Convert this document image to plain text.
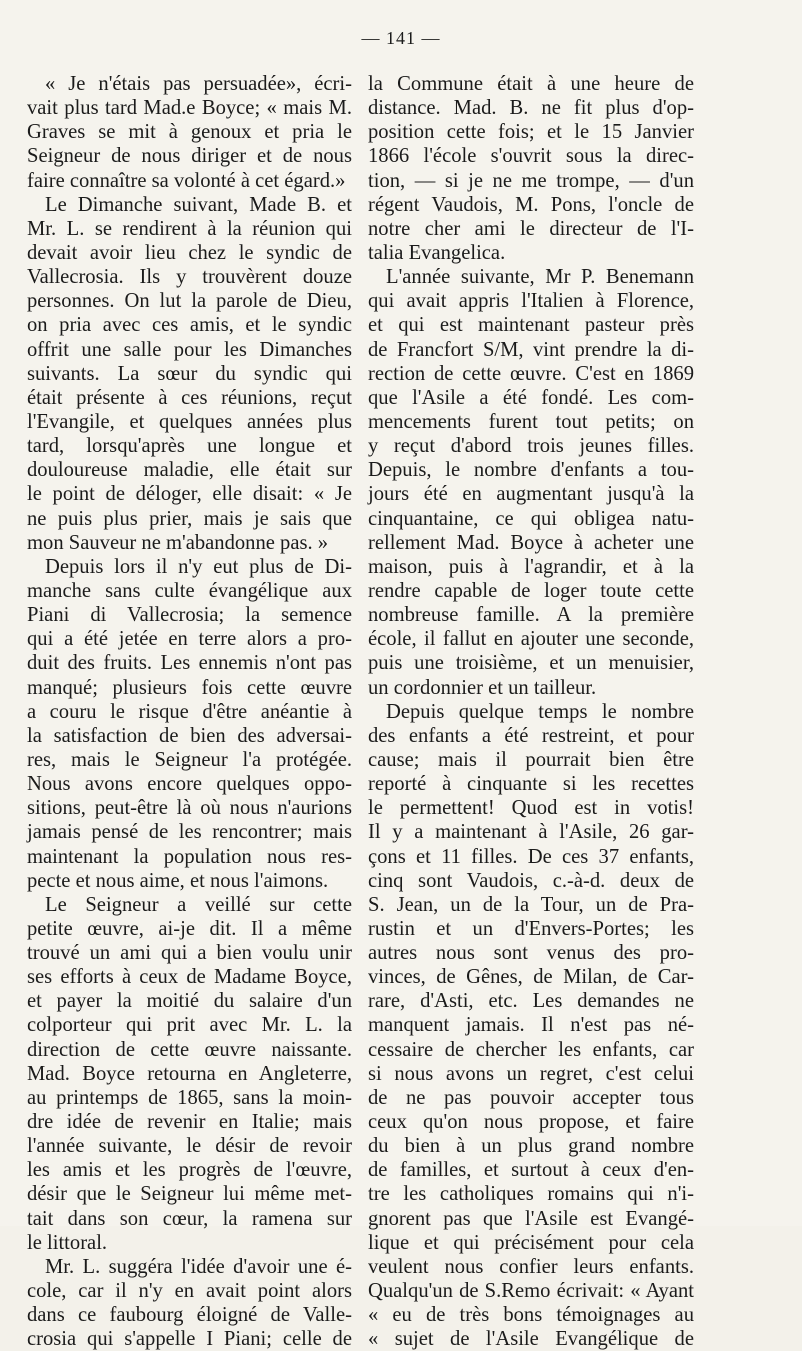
— 141 —
« Je n'étais pas persuadée», écri-
vait plus tard Mad.e Boyce; « mais M.
Graves se mit à genoux et pria le
Seigneur de nous diriger et de nous
faire connaître sa volonté à cet égard.»
Le Dimanche suivant, Made B. et
Mr. L. se rendirent à la réunion qui
devait avoir lieu chez le syndic de
Vallecrosia. Ils y trouvèrent douze
personnes. On lut la parole de Dieu,
on pria avec ces amis, et le syndic
offrit une salle pour les Dimanches
suivants. La sœur du syndic qui
était présente à ces réunions, reçut
l'Evangile, et quelques années plus
tard, lorsqu'après une longue et
douloureuse maladie, elle était sur
le point de déloger, elle disait: « Je
ne puis plus prier, mais je sais que
mon Sauveur ne m'abandonne pas. »
Depuis lors il n'y eut plus de Di-
manche sans culte évangélique aux
Piani di Vallecrosia; la semence
qui a été jetée en terre alors a pro-
duit des fruits. Les ennemis n'ont pas
manqué; plusieurs fois cette œuvre
a couru le risque d'être anéantie à
la satisfaction de bien des adversai-
res, mais le Seigneur l'a protégée.
Nous avons encore quelques oppo-
sitions, peut-être là où nous n'aurions
jamais pensé de les rencontrer; mais
maintenant la population nous res-
pecte et nous aime, et nous l'aimons.
Le Seigneur a veillé sur cette
petite œuvre, ai-je dit. Il a même
trouvé un ami qui a bien voulu unir
ses efforts à ceux de Madame Boyce,
et payer la moitié du salaire d'un
colporteur qui prit avec Mr. L. la
direction de cette œuvre naissante.
Mad. Boyce retourna en Angleterre,
au printemps de 1865, sans la moin-
dre idée de revenir en Italie; mais
l'année suivante, le désir de revoir
les amis et les progrès de l'œuvre,
désir que le Seigneur lui même met-
tait dans son cœur, la ramena sur
le littoral.
Mr. L. suggéra l'idée d'avoir une é-
cole, car il n'y en avait point alors
dans ce faubourg éloigné de Valle-
crosia qui s'appelle I Piani; celle de
la Commune était à une heure de
distance. Mad. B. ne fit plus d'op-
position cette fois; et le 15 Janvier
1866 l'école s'ouvrit sous la direc-
tion, — si je ne me trompe, — d'un
régent Vaudois, M. Pons, l'oncle de
notre cher ami le directeur de l'I-
talia Evangelica.
L'année suivante, Mr P. Benemann
qui avait appris l'Italien à Florence,
et qui est maintenant pasteur près
de Francfort S/M, vint prendre la di-
rection de cette œuvre. C'est en 1869
que l'Asile a été fondé. Les com-
mencements furent tout petits; on
y reçut d'abord trois jeunes filles.
Depuis, le nombre d'enfants a tou-
jours été en augmentant jusqu'à la
cinquantaine, ce qui obligea natu-
rellement Mad. Boyce à acheter une
maison, puis à l'agrandir, et à la
rendre capable de loger toute cette
nombreuse famille. A la première
école, il fallut en ajouter une seconde,
puis une troisième, et un menuisier,
un cordonnier et un tailleur.
Depuis quelque temps le nombre
des enfants a été restreint, et pour
cause; mais il pourrait bien être
reporté à cinquante si les recettes
le permettent! Quod est in votis!
Il y a maintenant à l'Asile, 26 gar-
çons et 11 filles. De ces 37 enfants,
cinq sont Vaudois, c.-à-d. deux de
S. Jean, un de la Tour, un de Pra-
rustin et un d'Envers-Portes; les
autres nous sont venus des pro-
vinces, de Gênes, de Milan, de Car-
rare, d'Asti, etc. Les demandes ne
manquent jamais. Il n'est pas né-
cessaire de chercher les enfants, car
si nous avons un regret, c'est celui
de ne pas pouvoir accepter tous
ceux qu'on nous propose, et faire
du bien à un plus grand nombre
de familles, et surtout à ceux d'en-
tre les catholiques romains qui n'i-
gnorent pas que l'Asile est Evangé-
lique et qui précisément pour cela
veulent nous confier leurs enfants.
Qualqu'un de S.Remo écrivait: « Ayant
« eu de très bons témoignages au
« sujet de l'Asile Evangélique de
